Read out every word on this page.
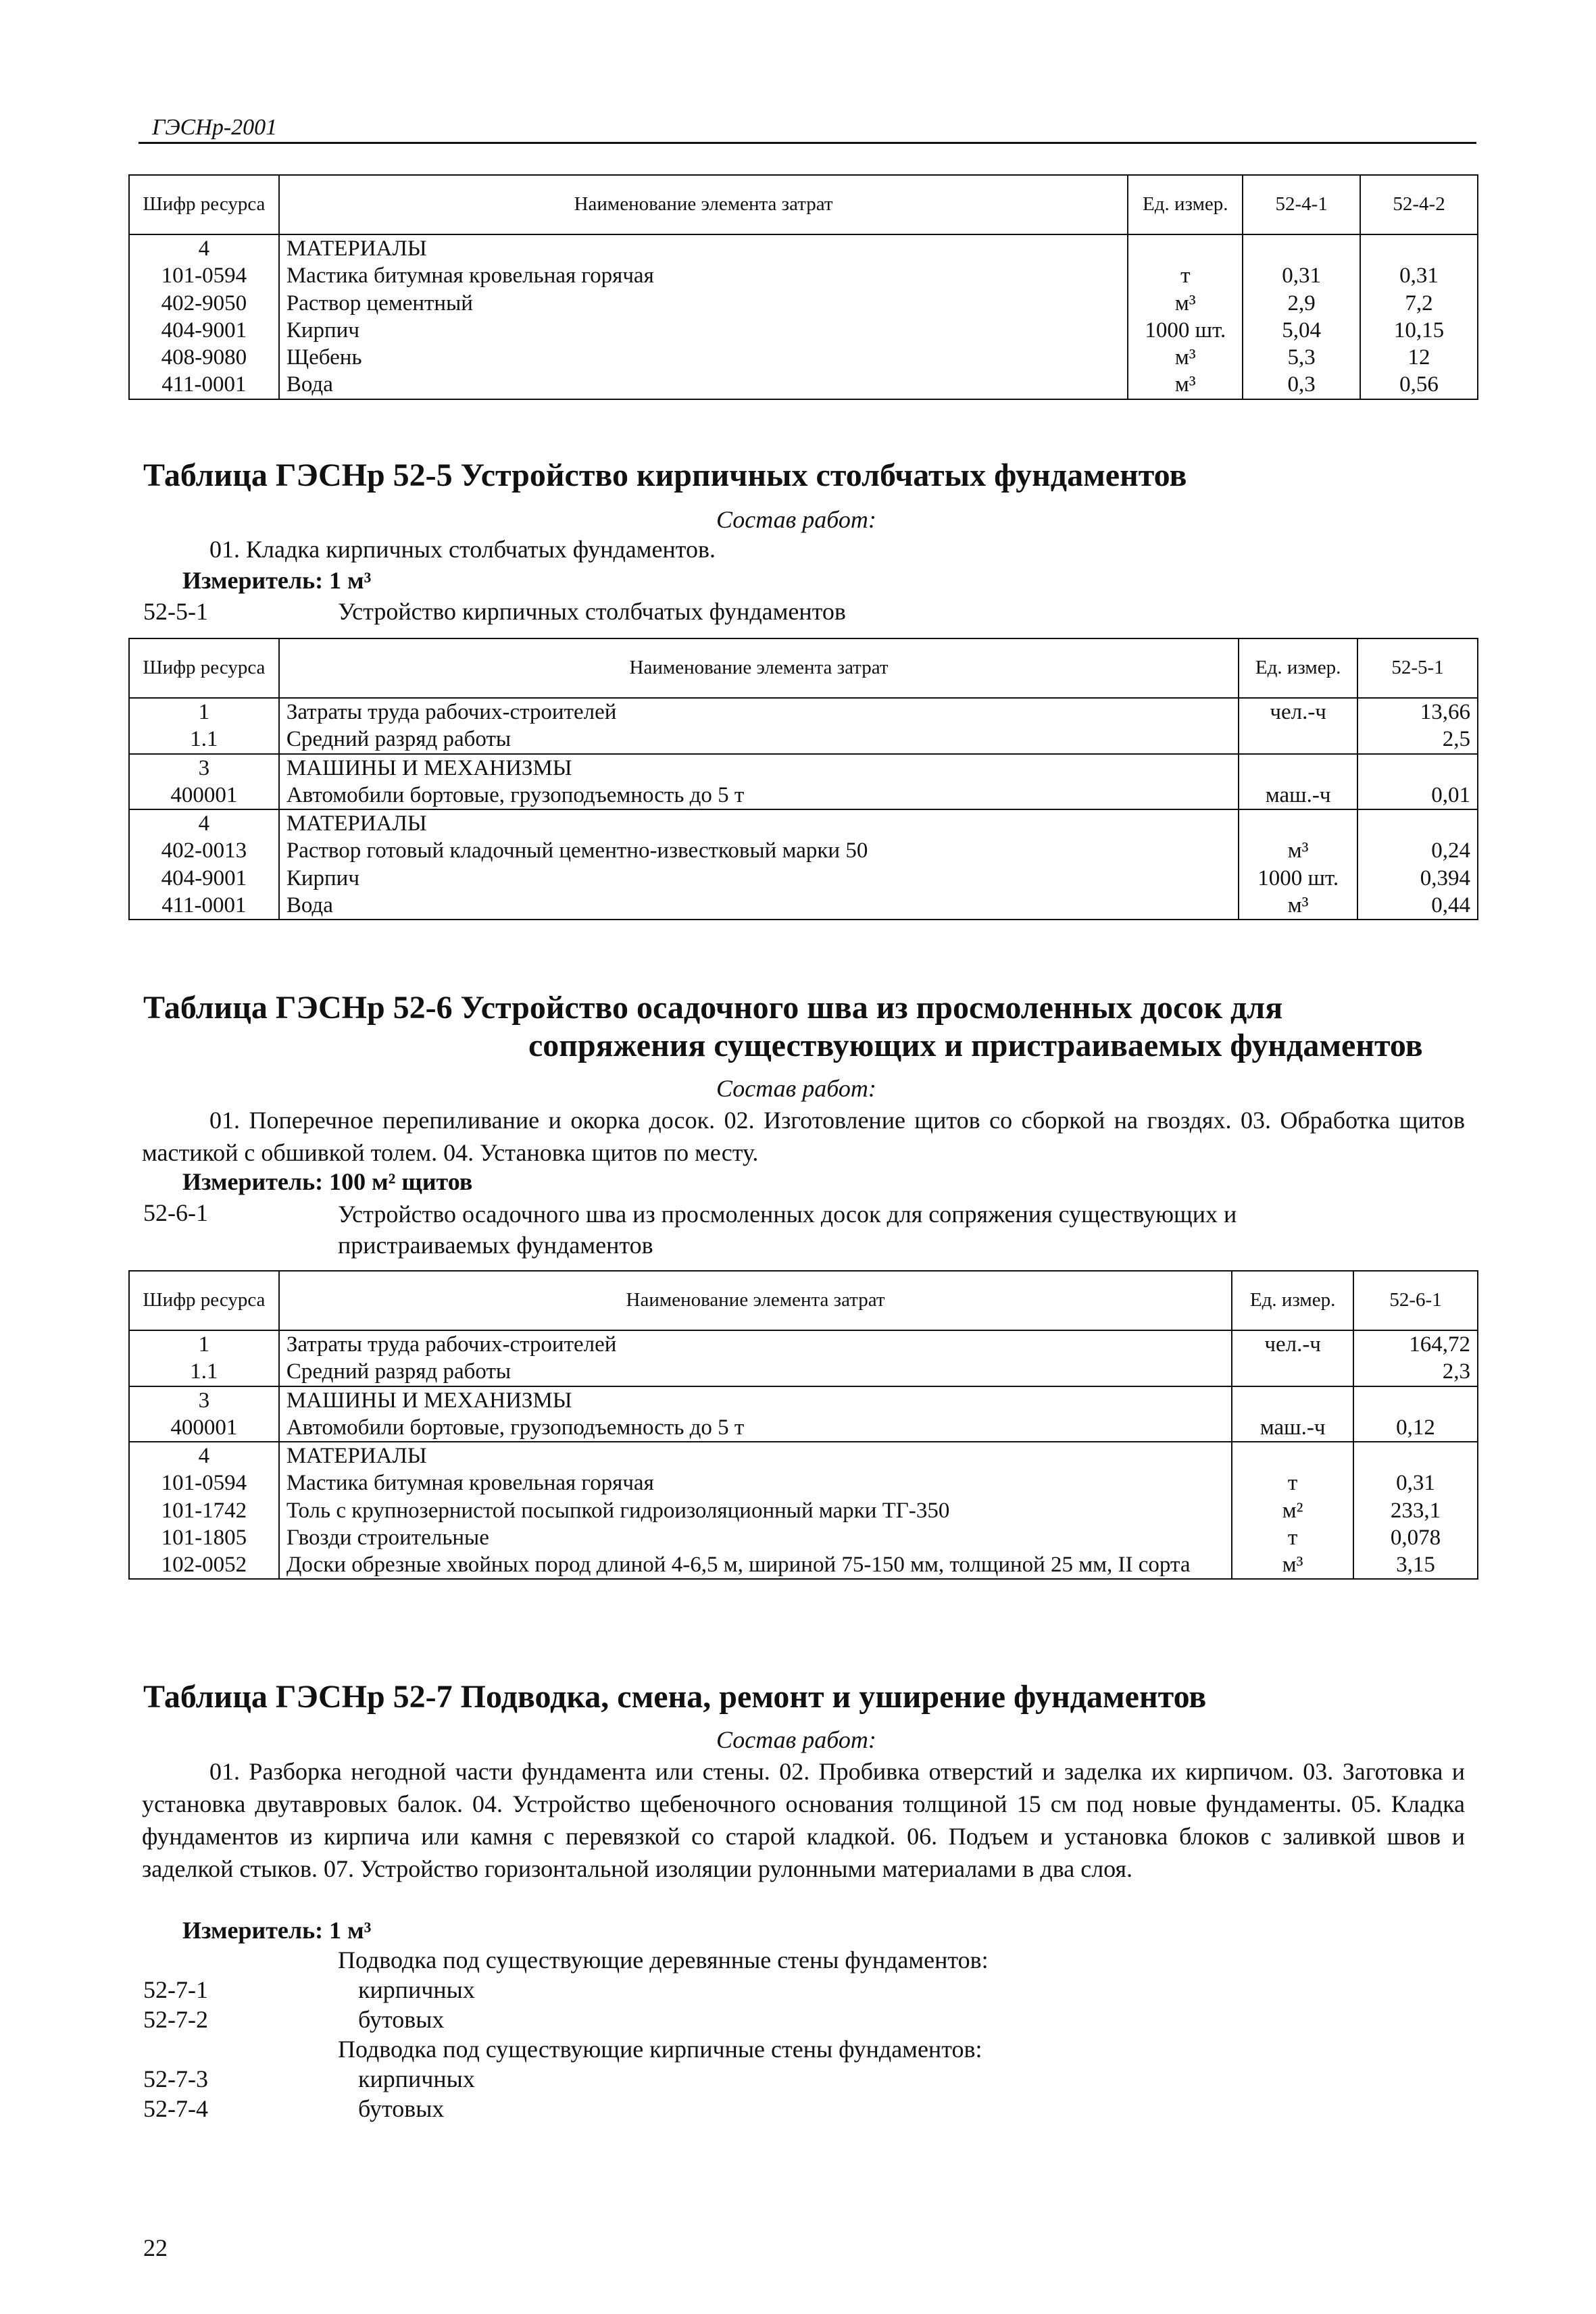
ГЭСНр-2001
Шифр ресурса	Наименование элемента затрат	Ед. измер.	52-4-1	52-4-2
4	МАТЕРИАЛЫ			
101-0594	Мастика битумная кровельная горячая	т	0,31	0,31
402-9050	Раствор цементный	м³	2,9	7,2
404-9001	Кирпич	1000 шт.	5,04	10,15
408-9080	Щебень	м³	5,3	12
411-0001	Вода	м³	0,3	0,56
Таблица ГЭСНр 52-5 Устройство кирпичных столбчатых фундаментов
Состав работ:
01. Кладка кирпичных столбчатых фундаментов.
Измеритель: 1 м³
52-5-1	Устройство кирпичных столбчатых фундаментов
Шифр ресурса	Наименование элемента затрат	Ед. измер.	52-5-1
1	Затраты труда рабочих-строителей	чел.-ч	13,66
1.1	Средний разряд работы		2,5
3	МАШИНЫ И МЕХАНИЗМЫ		
400001	Автомобили бортовые, грузоподъемность до 5 т	маш.-ч	0,01
4	МАТЕРИАЛЫ		
402-0013	Раствор готовый кладочный цементно-известковый марки 50	м³	0,24
404-9001	Кирпич	1000 шт.	0,394
411-0001	Вода	м³	0,44
Таблица ГЭСНр 52-6 Устройство осадочного шва из просмоленных досок для
сопряжения существующих и пристраиваемых фундаментов
Состав работ:
01. Поперечное перепиливание и окорка досок. 02. Изготовление щитов со сборкой на гвоздях. 03. Обработка щитов мастикой с обшивкой толем. 04. Установка щитов по месту.
Измеритель: 100 м² щитов
52-6-1	Устройство осадочного шва из просмоленных досок для сопряжения существующих и пристраиваемых фундаментов
Шифр ресурса	Наименование элемента затрат	Ед. измер.	52-6-1
1	Затраты труда рабочих-строителей	чел.-ч	164,72
1.1	Средний разряд работы		2,3
3	МАШИНЫ И МЕХАНИЗМЫ		
400001	Автомобили бортовые, грузоподъемность до 5 т	маш.-ч	0,12
4	МАТЕРИАЛЫ		
101-0594	Мастика битумная кровельная горячая	т	0,31
101-1742	Толь с крупнозернистой посыпкой гидроизоляционный марки ТГ-350	м²	233,1
101-1805	Гвозди строительные	т	0,078
102-0052	Доски обрезные хвойных пород длиной 4-6,5 м, шириной 75-150 мм, толщиной 25 мм, II сорта	м³	3,15
Таблица ГЭСНр 52-7 Подводка, смена, ремонт и уширение фундаментов
Состав работ:
01. Разборка негодной части фундамента или стены. 02. Пробивка отверстий и заделка их кирпичом. 03. Заготовка и установка двутавровых балок. 04. Устройство щебеночного основания толщиной 15 см под новые фундаменты. 05. Кладка фундаментов из кирпича или камня с перевязкой со старой кладкой. 06. Подъем и установка блоков с заливкой швов и заделкой стыков. 07. Устройство горизонтальной изоляции рулонными материалами в два слоя.
Измеритель: 1 м³
Подводка под существующие деревянные стены фундаментов:
52-7-1	кирпичных
52-7-2	бутовых
Подводка под существующие кирпичные стены фундаментов:
52-7-3	кирпичных
52-7-4	бутовых
22
